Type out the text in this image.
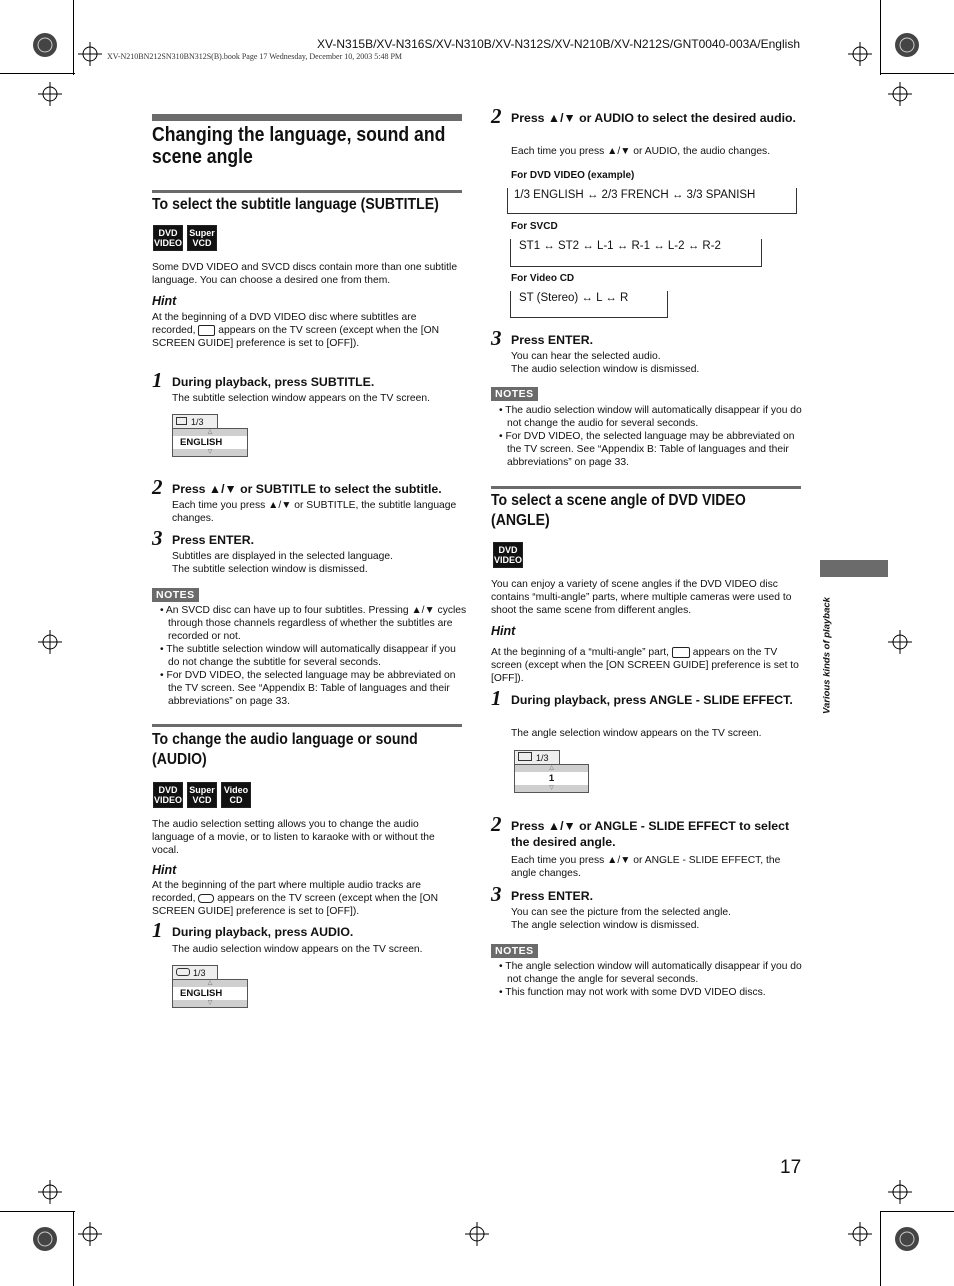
XV-N315B/XV-N316S/XV-N310B/XV-N312S/XV-N210B/XV-N212S/GNT0040-003A/English
XV-N210BN212SN310BN312S(B).book Page 17 Wednesday, December 10, 2003 5:48 PM
Changing the language, sound and scene angle
To select the subtitle language (SUBTITLE)
DVD VIDEO
Super VCD
Some DVD VIDEO and SVCD discs contain more than one subtitle language. You can choose a desired one from them.
Hint
At the beginning of a DVD VIDEO disc where subtitles are recorded, appears on the TV screen (except when the [ON SCREEN GUIDE] preference is set to [OFF]).
1 During playback, press SUBTITLE.
The subtitle selection window appears on the TV screen.
1/3
△
ENGLISH
▽
2 Press ▲/▼ or SUBTITLE to select the subtitle.
Each time you press ▲/▼ or SUBTITLE, the subtitle language changes.
3 Press ENTER.
Subtitles are displayed in the selected language.
The subtitle selection window is dismissed.
NOTES
• An SVCD disc can have up to four subtitles. Pressing ▲/▼ cycles through those channels regardless of whether the subtitles are recorded or not.
• The subtitle selection window will automatically disappear if you do not change the subtitle for several seconds.
• For DVD VIDEO, the selected language may be abbreviated on the TV screen. See “Appendix B: Table of languages and their abbreviations” on page 33.
To change the audio language or sound (AUDIO)
DVD VIDEO
Super VCD
Video CD
The audio selection setting allows you to change the audio language of a movie, or to listen to karaoke with or without the vocal.
Hint
At the beginning of the part where multiple audio tracks are recorded, appears on the TV screen (except when the [ON SCREEN GUIDE] preference is set to [OFF]).
1 During playback, press AUDIO.
The audio selection window appears on the TV screen.
1/3
△
ENGLISH
▽
2 Press ▲/▼ or AUDIO to select the desired audio.
Each time you press ▲/▼ or AUDIO, the audio changes.
For DVD VIDEO (example)
1/3 ENGLISH ↔ 2/3 FRENCH ↔ 3/3 SPANISH
For SVCD
ST1 ↔ ST2 ↔ L-1 ↔ R-1 ↔ L-2 ↔ R-2
For Video CD
ST (Stereo) ↔ L ↔ R
3 Press ENTER.
You can hear the selected audio.
The audio selection window is dismissed.
NOTES
• The audio selection window will automatically disappear if you do not change the audio for several seconds.
• For DVD VIDEO, the selected language may be abbreviated on the TV screen. See “Appendix B: Table of languages and their abbreviations” on page 33.
To select a scene angle of DVD VIDEO (ANGLE)
DVD VIDEO
You can enjoy a variety of scene angles if the DVD VIDEO disc contains “multi-angle” parts, where multiple cameras were used to shoot the same scene from different angles.
Hint
At the beginning of a “multi-angle” part, appears on the TV screen (except when the [ON SCREEN GUIDE] preference is set to [OFF]).
1 During playback, press ANGLE - SLIDE EFFECT.
The angle selection window appears on the TV screen.
1/3
△
1
▽
2 Press ▲/▼ or ANGLE - SLIDE EFFECT to select the desired angle.
Each time you press ▲/▼ or ANGLE - SLIDE EFFECT, the angle changes.
3 Press ENTER.
You can see the picture from the selected angle.
The angle selection window is dismissed.
NOTES
• The angle selection window will automatically disappear if you do not change the angle for several seconds.
• This function may not work with some DVD VIDEO discs.
Various kinds of playback
17
